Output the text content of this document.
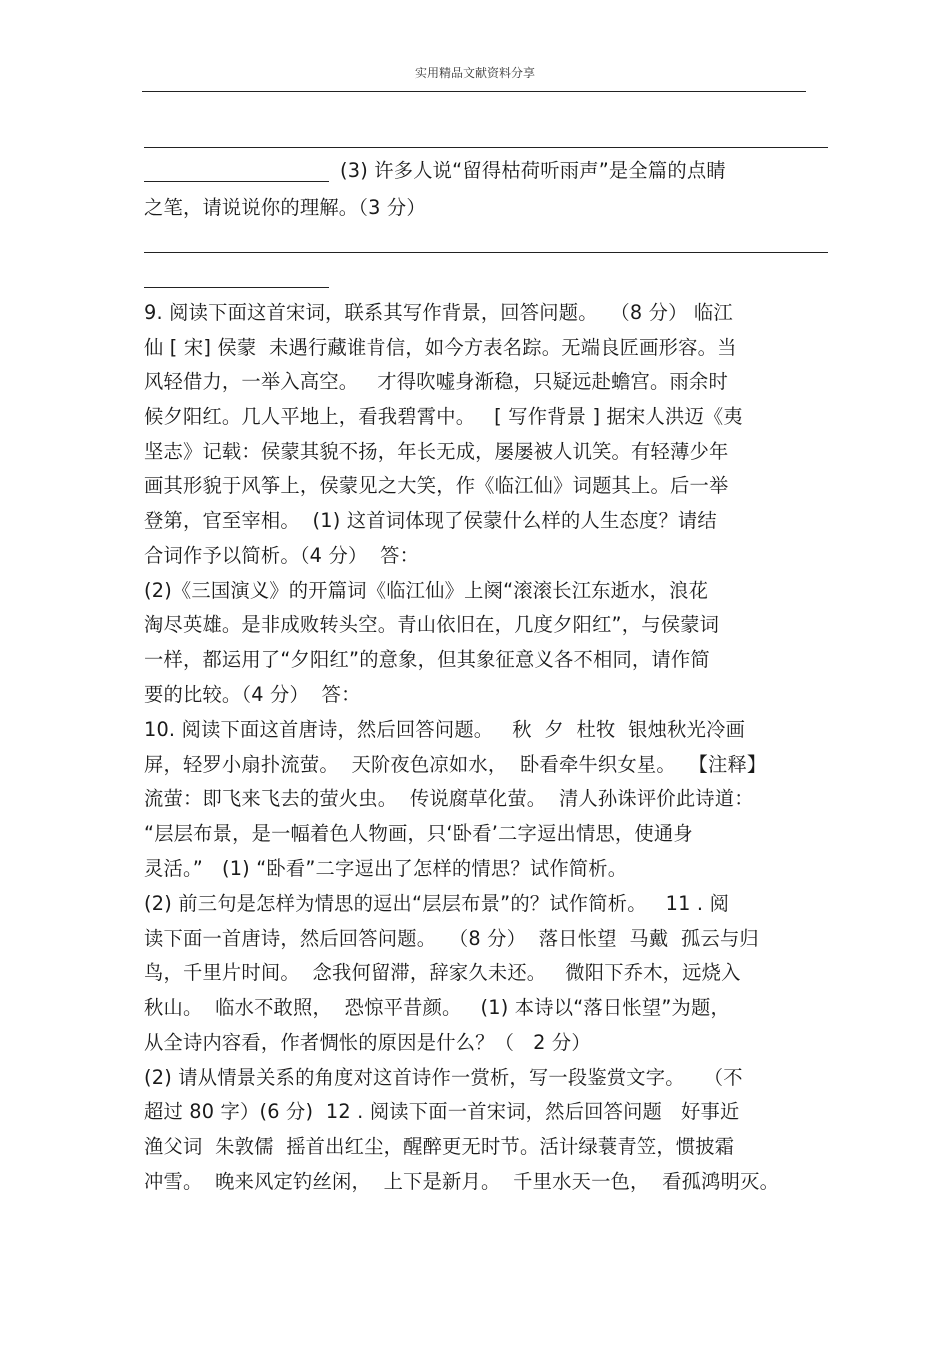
实用精品文献资料分享
(3) 许多人说“留得枯荷听雨声”是全篇的点睛
之笔，请说说你的理解。（3 分）
9. 阅读下面这首宋词，联系其写作背景，回答问题。  （8 分） 临江
仙 [ 宋] 侯蒙  未遇行藏谁肯信，如今方表名踪。无端良匠画形容。当
风轻借力，一举入高空。   才得吹嘘身渐稳，只疑远赴蟾宫。雨余时
候夕阳红。几人平地上，看我碧霄中。   [ 写作背景 ] 据宋人洪迈《夷
坚志》记载：侯蒙其貌不扬，年长无成，屡屡被人讥笑。有轻薄少年
画其形貌于风筝上，侯蒙见之大笑，作《临江仙》词题其上。后一举
登第，官至宰相。  (1) 这首词体现了侯蒙什么样的人生态度？请结
合词作予以简析。（4 分）  答：
(2)《三国演义》的开篇词《临江仙》上阕“滚滚长江东逝水，浪花
淘尽英雄。是非成败转头空。青山依旧在，几度夕阳红”，与侯蒙词
一样，都运用了“夕阳红”的意象，但其象征意义各不相同，请作简
要的比较。（4 分）  答：
10. 阅读下面这首唐诗，然后回答问题。   秋  夕  杜牧  银烛秋光冷画
屏，轻罗小扇扑流萤。  天阶夜色凉如水，  卧看牵牛织女星。  【注释】
流萤：即飞来飞去的萤火虫。  传说腐草化萤。  清人孙诛评价此诗道：
“层层布景，是一幅着色人物画，只‘卧看’二字逗出情思，使通身
灵活。”   (1) “卧看”二字逗出了怎样的情思？试作简析。
(2) 前三句是怎样为情思的逗出“层层布景”的？试作简析。   11 . 阅
读下面一首唐诗，然后回答问题。  （8 分）  落日怅望  马戴  孤云与归
鸟，千里片时间。  念我何留滞，辞家久未还。   微阳下乔木，远烧入
秋山。  临水不敢照，  恐惊平昔颜。   (1) 本诗以“落日怅望”为题，
从全诗内容看，作者惆怅的原因是什么？（   2 分）
(2) 请从情景关系的角度对这首诗作一赏析，写一段鉴赏文字。   （不
超过 80 字）(6 分)  12 . 阅读下面一首宋词，然后回答问题   好事近
渔父词  朱敦儒  摇首出红尘，醒醉更无时节。活计绿蓑青笠，惯披霜
冲雪。  晚来风定钓丝闲，  上下是新月。  千里水天一色，  看孤鸿明灭。
